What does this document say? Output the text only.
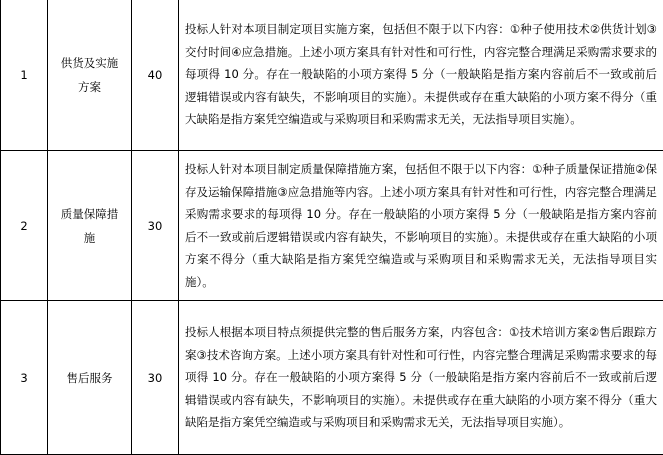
1	供货及实施方案	40	投标人针对本项目制定项目实施方案，包括但不限于以下内容：①种子使用技术②供货计划③交付时间④应急措施。上述小项方案具有针对性和可行性，内容完整合理满足采购需求要求的每项得 10 分。存在一般缺陷的小项方案得 5 分（一般缺陷是指方案内容前后不一致或前后逻辑错误或内容有缺失，不影响项目的实施）。未提供或存在重大缺陷的小项方案不得分（重大缺陷是指方案凭空编造或与采购项目和采购需求无关，无法指导项目实施）。
2	质量保障措施	30	投标人针对本项目制定质量保障措施方案，包括但不限于以下内容：①种子质量保证措施②保存及运输保障措施③应急措施等内容。上述小项方案具有针对性和可行性，内容完整合理满足采购需求要求的每项得 10 分。存在一般缺陷的小项方案得 5 分（一般缺陷是指方案内容前后不一致或前后逻辑错误或内容有缺失，不影响项目的实施）。未提供或存在重大缺陷的小项方案不得分（重大缺陷是指方案凭空编造或与采购项目和采购需求无关，无法指导项目实施）。
3	售后服务	30	投标人根据本项目特点须提供完整的售后服务方案，内容包含：①技术培训方案②售后跟踪方案③技术咨询方案。上述小项方案具有针对性和可行性，内容完整合理满足采购需求要求的每项得 10 分。存在一般缺陷的小项方案得 5 分（一般缺陷是指方案内容前后不一致或前后逻辑错误或内容有缺失，不影响项目的实施）。未提供或存在重大缺陷的小项方案不得分（重大缺陷是指方案凭空编造或与采购项目和采购需求无关，无法指导项目实施）。
